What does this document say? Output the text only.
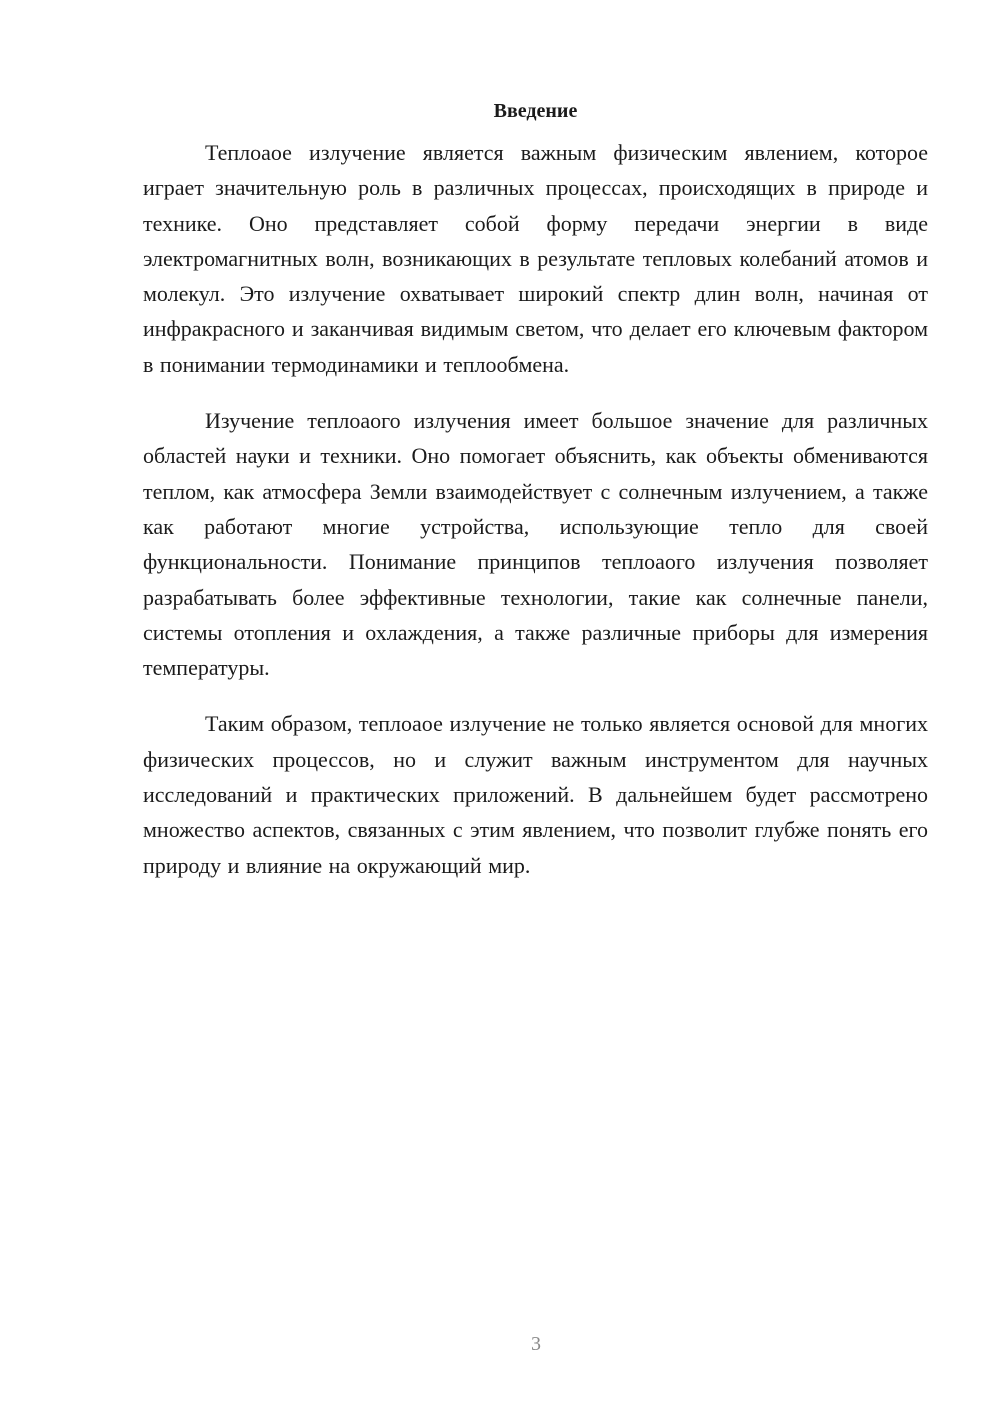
Введение

Теплоаое излучение является важным физическим явлением, которое играет значительную роль в различных процессах, происходящих в природе и технике. Оно представляет собой форму передачи энергии в виде электромагнитных волн, возникающих в результате тепловых колебаний атомов и молекул. Это излучение охватывает широкий спектр длин волн, начиная от инфракрасного и заканчивая видимым светом, что делает его ключевым фактором в понимании термодинамики и теплообмена.

Изучение теплоаого излучения имеет большое значение для различных областей науки и техники. Оно помогает объяснить, как объекты обмениваются теплом, как атмосфера Земли взаимодействует с солнечным излучением, а также как работают многие устройства, использующие тепло для своей функциональности. Понимание принципов теплоаого излучения позволяет разрабатывать более эффективные технологии, такие как солнечные панели, системы отопления и охлаждения, а также различные приборы для измерения температуры.

Таким образом, теплоаое излучение не только является основой для многих физических процессов, но и служит важным инструментом для научных исследований и практических приложений. В дальнейшем будет рассмотрено множество аспектов, связанных с этим явлением, что позволит глубже понять его природу и влияние на окружающий мир.

3
